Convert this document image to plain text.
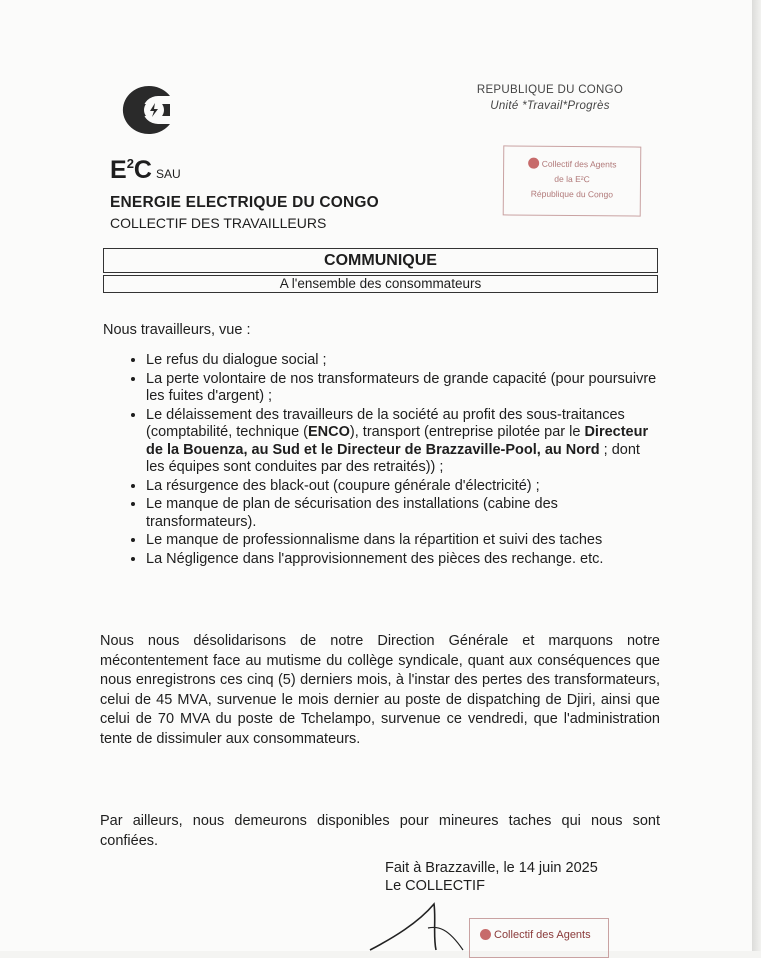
$E^2C$ SAU
ENERGIE ELECTRIQUE DU CONGO
COLLECTIF DES TRAVAILLEURS
REPUBLIQUE DU CONGO
Unité *Travail*Progrès
Collectif des Agents
de la E²C
République du Congo
COMMUNIQUE
A l'ensemble des consommateurs
Nous travailleurs, vue :
• Le refus du dialogue social ;
• La perte volontaire de nos transformateurs de grande capacité (pour poursuivre les fuites d'argent) ;
• Le délaissement des travailleurs de la société au profit des sous-traitances (comptabilité, technique (ENCO), transport (entreprise pilotée par le Directeur de la Bouenza, au Sud et le Directeur de Brazzaville-Pool, au Nord ; dont les équipes sont conduites par des retraités)) ;
• La résurgence des black-out (coupure générale d'électricité) ;
• Le manque de plan de sécurisation des installations (cabine des transformateurs).
• Le manque de professionnalisme dans la répartition et suivi des taches
• La Négligence dans l'approvisionnement des pièces des rechange. etc.
Nous nous désolidarisons de notre Direction Générale et marquons notre mécontentement face au mutisme du collège syndicale, quant aux conséquences que nous enregistrons ces cinq (5) derniers mois, à l'instar des pertes des transformateurs, celui de 45 MVA, survenue le mois dernier au poste de dispatching de Djiri, ainsi que celui de 70 MVA du poste de Tchelampo, survenue ce vendredi, que l'administration tente de dissimuler aux consommateurs.
Par ailleurs, nous demeurons disponibles pour mineures taches qui nous sont confiées.
Fait à Brazzaville, le 14 juin 2025
Le COLLECTIF
Collectif des Agents
